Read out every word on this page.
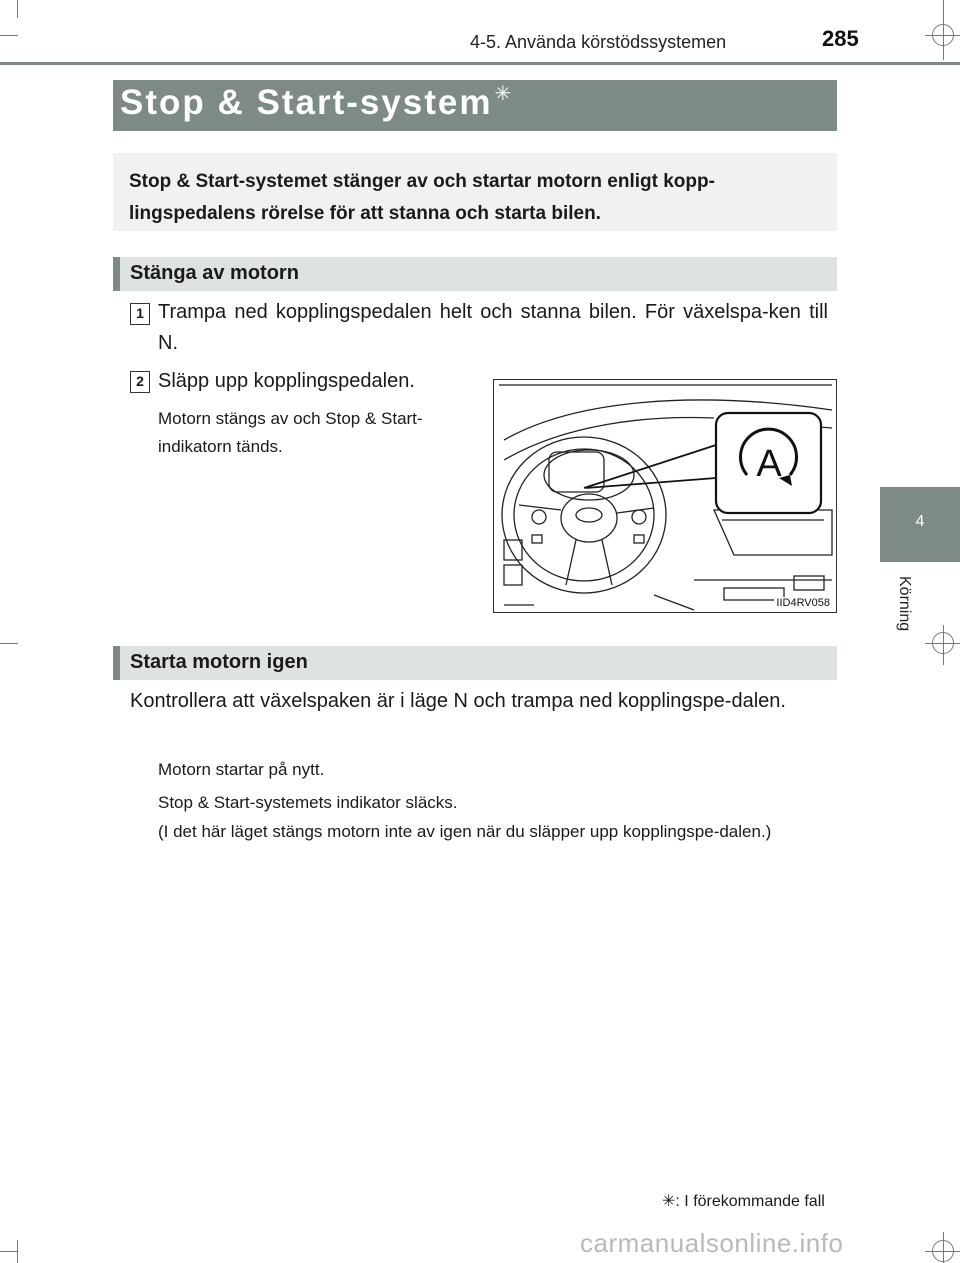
4-5. Använda körstödssystemen	285
4
Körning
Stop & Start-system ✳
Stop & Start-systemet stänger av och startar motorn enligt kopp-lingspedalens rörelse för att stanna och starta bilen.
Stänga av motorn
1 Trampa ned kopplingspedalen helt och stanna bilen. För växelspa-ken till N.
2 Släpp upp kopplingspedalen.
Motorn stängs av och Stop & Start-indikatorn tänds.	A
IID4RV058
Starta motorn igen
Kontrollera att växelspaken är i läge N och trampa ned kopplingspe-dalen.
Motorn startar på nytt.
Stop & Start-systemets indikator släcks.
(I det här läget stängs motorn inte av igen när du släpper upp kopplingspe-dalen.)
✳: I förekommande fall
carmanualsonline.info
